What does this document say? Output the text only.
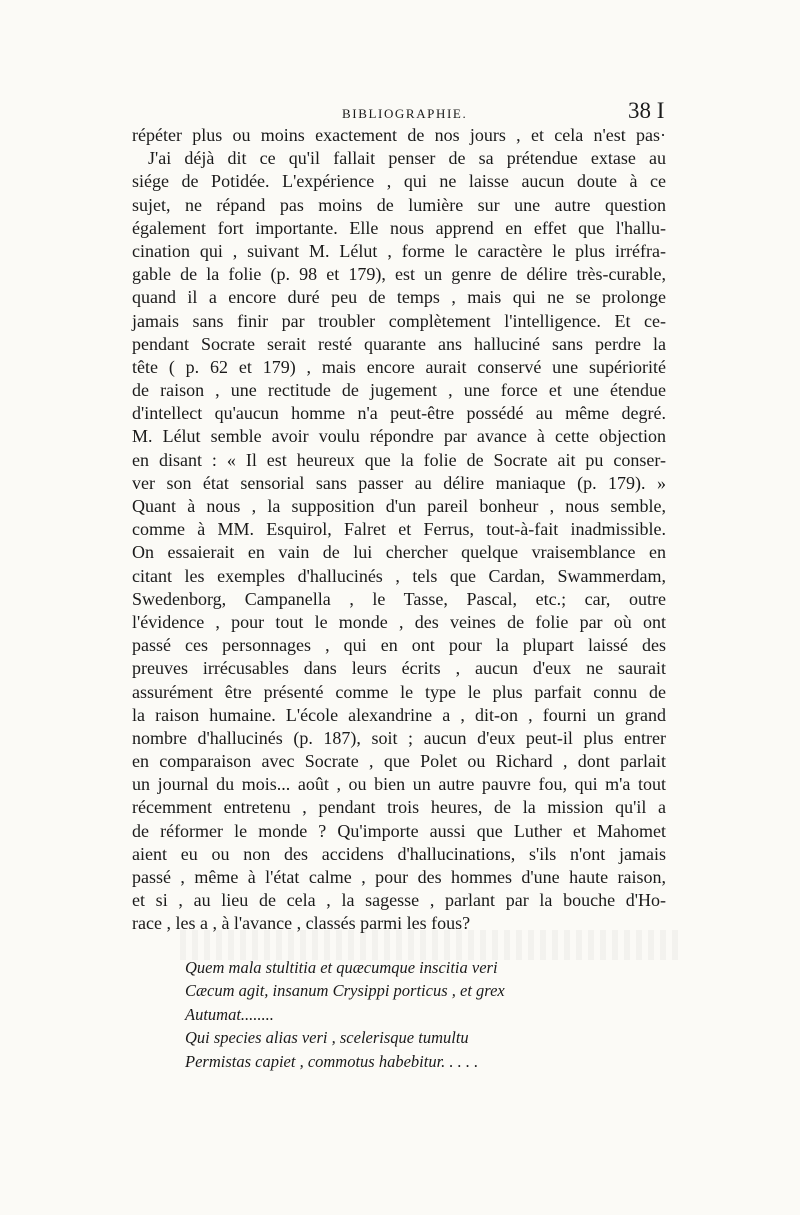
BIBLIOGRAPHIE.	38 I
répéter plus ou moins exactement de nos jours , et cela n'est pas·
J'ai déjà dit ce qu'il fallait penser de sa prétendue extase au
siége de Potidée. L'expérience , qui ne laisse aucun doute à ce
sujet, ne répand pas moins de lumière sur une autre question
également fort importante. Elle nous apprend en effet que l'hallu-
cination qui , suivant M. Lélut , forme le caractère le plus irréfra-
gable de la folie (p. 98 et 179), est un genre de délire très-curable,
quand il a encore duré peu de temps , mais qui ne se prolonge
jamais sans finir par troubler complètement l'intelligence. Et ce-
pendant Socrate serait resté quarante ans halluciné sans perdre la
tête ( p. 62 et 179) , mais encore aurait conservé une supériorité
de raison , une rectitude de jugement , une force et une étendue
d'intellect qu'aucun homme n'a peut-être possédé au même degré.
M. Lélut semble avoir voulu répondre par avance à cette objection
en disant : « Il est heureux que la folie de Socrate ait pu conser-
ver son état sensorial sans passer au délire maniaque (p. 179). »
Quant à nous , la supposition d'un pareil bonheur , nous semble,
comme à MM. Esquirol, Falret et Ferrus, tout-à-fait inadmissible.
On essaierait en vain de lui chercher quelque vraisemblance en
citant les exemples d'hallucinés , tels que Cardan, Swammerdam,
Swedenborg, Campanella , le Tasse, Pascal, etc.; car, outre
l'évidence , pour tout le monde , des veines de folie par où ont
passé ces personnages , qui en ont pour la plupart laissé des
preuves irrécusables dans leurs écrits , aucun d'eux ne saurait
assurément être présenté comme le type le plus parfait connu de
la raison humaine. L'école alexandrine a , dit-on , fourni un grand
nombre d'hallucinés (p. 187), soit ; aucun d'eux peut-il plus entrer
en comparaison avec Socrate , que Polet ou Richard , dont parlait
un journal du mois... août , ou bien un autre pauvre fou, qui m'a tout
récemment entretenu , pendant trois heures, de la mission qu'il a
de réformer le monde ? Qu'importe aussi que Luther et Mahomet
aient eu ou non des accidens d'hallucinations, s'ils n'ont jamais
passé , même à l'état calme , pour des hommes d'une haute raison,
et si , au lieu de cela , la sagesse , parlant par la bouche d'Ho-
race , les a , à l'avance , classés parmi les fous?
Quem mala stultitia et quæcumque inscitia veri
Cæcum agit, insanum Crysippi porticus , et grex
Autumat........
Qui species alias veri , scelerisque tumultu
Permistas capiet , commotus habebitur. . . . .
